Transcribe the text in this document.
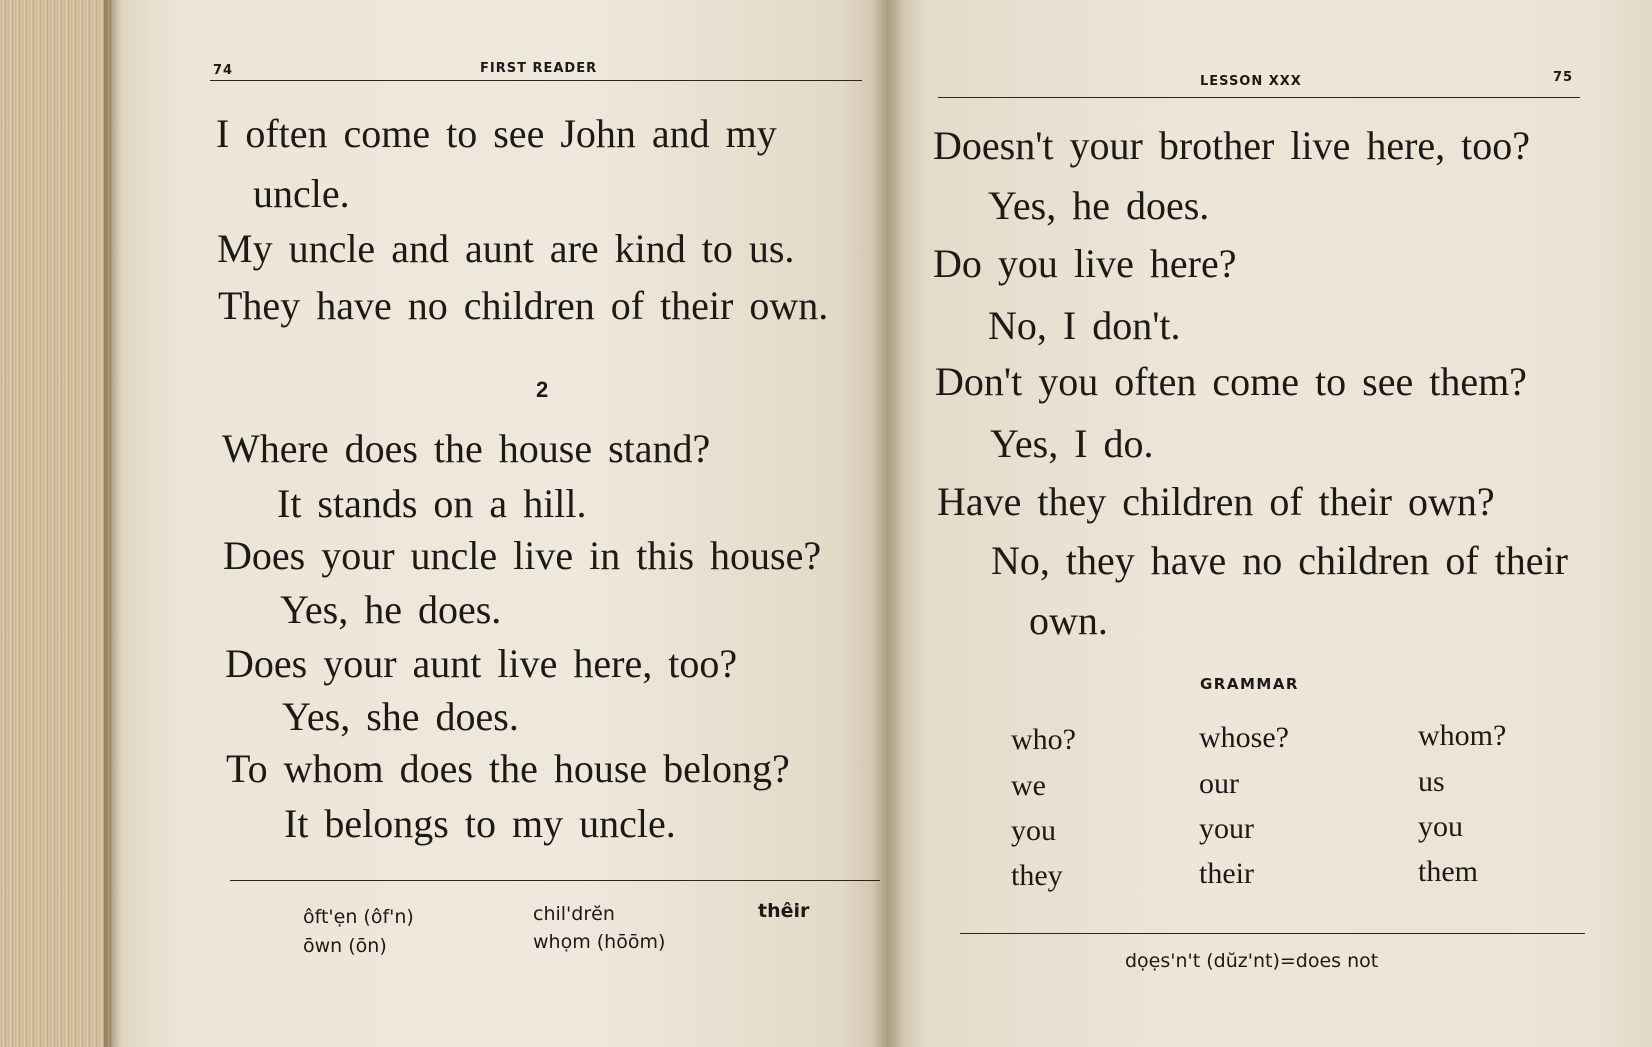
74	FIRST READER
I often come to see John and my
uncle.
My uncle and aunt are kind to us.
They have no children of their own.
2
Where does the house stand?
It stands on a hill.
Does your uncle live in this house?
Yes, he does.
Does your aunt live here, too?
Yes, she does.
To whom does the house belong?
It belongs to my uncle.
ôft'ẹn (ôf'n)	chil'drĕn	thêir
ōwn (ōn)	whọm (hōōm)
LESSON XXX	75
Doesn't your brother live here, too?
Yes, he does.
Do you live here?
No, I don't.
Don't you often come to see them?
Yes, I do.
Have they children of their own?
No, they have no children of their
own.
GRAMMAR
who?	whose?	whom?
we	our	us
you	your	you
they	their	them
dọẹs'n't (dŭz'nt)=does not
